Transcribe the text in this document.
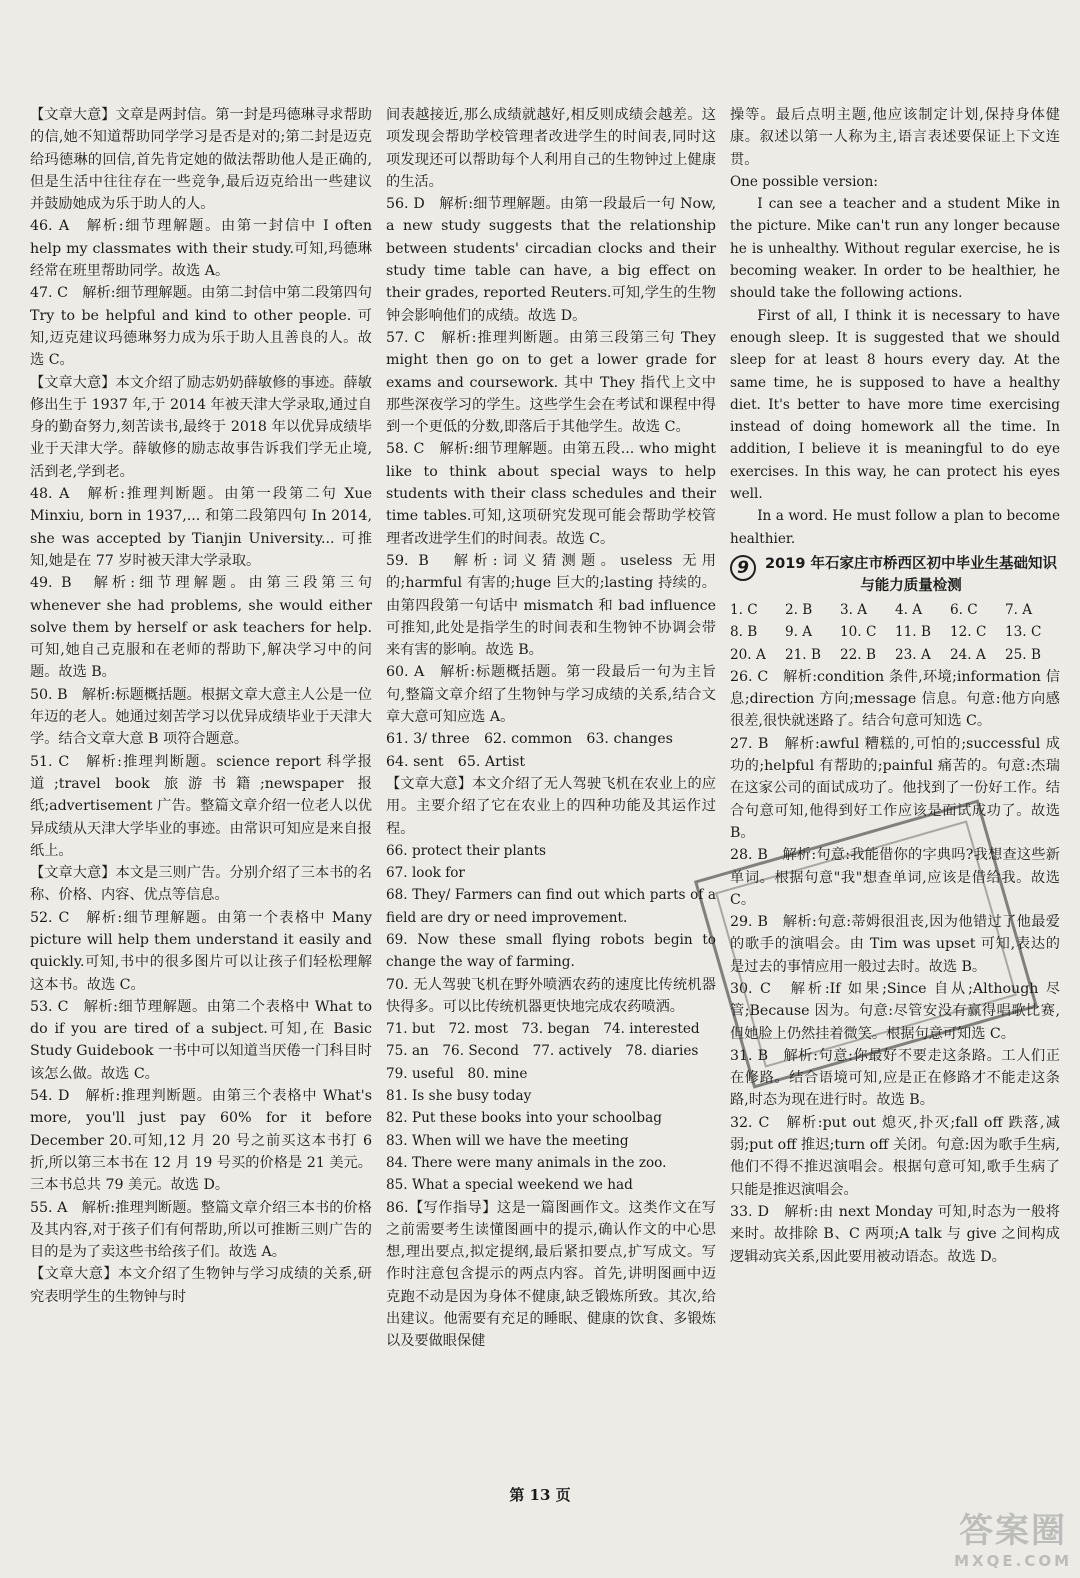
【文章大意】文章是两封信。第一封是玛德琳寻求帮助的信,她不知道帮助同学学习是否是对的;第二封是迈克给玛德琳的回信,首先肯定她的做法帮助他人是正确的,但是生活中往往存在一些竞争,最后迈克给出一些建议并鼓励她成为乐于助人的人。

46. A　解析:细节理解题。由第一封信中 I often help my classmates with their study.可知,玛德琳经常在班里帮助同学。故选 A。

47. C　解析:细节理解题。由第二封信中第二段第四句 Try to be helpful and kind to other people. 可知,迈克建议玛德琳努力成为乐于助人且善良的人。故选 C。

【文章大意】本文介绍了励志奶奶薛敏修的事迹。薛敏修出生于 1937 年,于 2014 年被天津大学录取,通过自身的勤奋努力,刻苦读书,最终于 2018 年以优异成绩毕业于天津大学。薛敏修的励志故事告诉我们学无止境,活到老,学到老。

48. A　解析:推理判断题。由第一段第二句 Xue Minxiu, born in 1937,... 和第二段第四句 In 2014, she was accepted by Tianjin University... 可推知,她是在 77 岁时被天津大学录取。

49. B　解析:细节理解题。由第三段第三句 whenever she had problems, she would either solve them by herself or ask teachers for help.可知,她自己克服和在老师的帮助下,解决学习中的问题。故选 B。

50. B　解析:标题概括题。根据文章大意主人公是一位年迈的老人。她通过刻苦学习以优异成绩毕业于天津大学。结合文章大意 B 项符合题意。

51. C　解析:推理判断题。science report 科学报道;travel book 旅游书籍;newspaper 报纸;advertisement 广告。整篇文章介绍一位老人以优异成绩从天津大学毕业的事迹。由常识可知应是来自报纸上。

【文章大意】本文是三则广告。分别介绍了三本书的名称、价格、内容、优点等信息。

52. C　解析:细节理解题。由第一个表格中 Many picture will help them understand it easily and quickly.可知,书中的很多图片可以让孩子们轻松理解这本书。故选 C。

53. C　解析:细节理解题。由第二个表格中 What to do if you are tired of a subject.可知,在 Basic Study Guidebook 一书中可以知道当厌倦一门科目时该怎么做。故选 C。

54. D　解析:推理判断题。由第三个表格中 What's more, you'll just pay 60% for it before December 20.可知,12 月 20 号之前买这本书打 6 折,所以第三本书在 12 月 19 号买的价格是 21 美元。三本书总共 79 美元。故选 D。

55. A　解析:推理判断题。整篇文章介绍三本书的价格及其内容,对于孩子们有何帮助,所以可推断三则广告的目的是为了卖这些书给孩子们。故选 A。

【文章大意】本文介绍了生物钟与学习成绩的关系,研究表明学生的生物钟与时

间表越接近,那么成绩就越好,相反则成绩会越差。这项发现会帮助学校管理者改进学生的时间表,同时这项发现还可以帮助每个人利用自己的生物钟过上健康的生活。

56. D　解析:细节理解题。由第一段最后一句 Now, a new study suggests that the relationship between students' circadian clocks and their study time table can have, a big effect on their grades, reported Reuters.可知,学生的生物钟会影响他们的成绩。故选 D。

57. C　解析:推理判断题。由第三段第三句 They might then go on to get a lower grade for exams and coursework. 其中 They 指代上文中那些深夜学习的学生。这些学生会在考试和课程中得到一个更低的分数,即落后于其他学生。故选 C。

58. C　解析:细节理解题。由第五段... who might like to think about special ways to help students with their class schedules and their time tables.可知,这项研究发现可能会帮助学校管理者改进学生们的时间表。故选 C。

59. B　解析:词义猜测题。useless 无用的;harmful 有害的;huge 巨大的;lasting 持续的。由第四段第一句话中 mismatch 和 bad influence 可推知,此处是指学生的时间表和生物钟不协调会带来有害的影响。故选 B。

60. A　解析:标题概括题。第一段最后一句为主旨句,整篇文章介绍了生物钟与学习成绩的关系,结合文章大意可知应选 A。

61. 3/ three　 62. common　 63. changes

64. sent　 65. Artist

【文章大意】本文介绍了无人驾驶飞机在农业上的应用。主要介绍了它在农业上的四种功能及其运作过程。

66. protect their plants

67. look for

68. They/ Farmers can find out which parts of a field are dry or need improvement.

69. Now these small flying robots begin to change the way of farming.

70. 无人驾驶飞机在野外喷洒农药的速度比传统机器快得多。可以比传统机器更快地完成农药喷洒。

71. but　 72. most　 73. began　 74. interested

75. an　 76. Second　 77. actively　 78. diaries

79. useful　 80. mine

81. Is she busy today

82. Put these books into your schoolbag

83. When will we have the meeting

84. There were many animals in the zoo.

85. What a special weekend we had

86.【写作指导】这是一篇图画作文。这类作文在写之前需要考生读懂图画中的提示,确认作文的中心思想,理出要点,拟定提纲,最后紧扣要点,扩写成文。写作时注意包含提示的两点内容。首先,讲明图画中迈克跑不动是因为身体不健康,缺乏锻炼所致。其次,给出建议。他需要有充足的睡眠、健康的饮食、多锻炼以及要做眼保健

操等。最后点明主题,他应该制定计划,保持身体健康。叙述以第一人称为主,语言表述要保证上下文连贯。

One possible version:

I can see a teacher and a student Mike in the picture. Mike can't run any longer because he is unhealthy. Without regular exercise, he is becoming weaker. In order to be healthier, he should take the following actions.

First of all, I think it is necessary to have enough sleep. It is suggested that we should sleep for at least 8 hours every day. At the same time, he is supposed to have a healthy diet. It's better to have more time exercising instead of doing homework all the time. In addition, I believe it is meaningful to do eye exercises. In this way, he can protect his eyes well.

In a word. He must follow a plan to become healthier.

9	2019 年石家庄市桥西区初中毕业生基础知识与能力质量检测
1. C	2. B	3. A	4. A	6. C	7. A
8. B	9. A	10. C	11. B	12. C	13. C
20. A	21. B	22. B	23. A	24. A	25. B

26. C　解析:condition 条件,环境;information 信息;direction 方向;message 信息。句意:他方向感很差,很快就迷路了。结合句意可知选 C。

27. B　解析:awful 糟糕的,可怕的;successful 成功的;helpful 有帮助的;painful 痛苦的。句意:杰瑞在这家公司的面试成功了。他找到了一份好工作。结合句意可知,他得到好工作应该是面试成功了。故选 B。

28. B　解析:句意:我能借你的字典吗?我想查这些新单词。根据句意"我"想查单词,应该是借给我。故选 C。

29. B　解析:句意:蒂姆很沮丧,因为他错过了他最爱的歌手的演唱会。由 Tim was upset 可知,表达的是过去的事情应用一般过去时。故选 B。

30. C　解析:If 如果;Since 自从;Although 尽管;Because 因为。句意:尽管安没有赢得唱歌比赛,但她脸上仍然挂着微笑。根据句意可知选 C。

31. B　解析:句意:你最好不要走这条路。工人们正在修路。结合语境可知,应是正在修路才不能走这条路,时态为现在进行时。故选 B。

32. C　解析:put out 熄灭,扑灭;fall off 跌落,减弱;put off 推迟;turn off 关闭。句意:因为歌手生病,他们不得不推迟演唱会。根据句意可知,歌手生病了只能是推迟演唱会。

33. D　解析:由 next Monday 可知,时态为一般将来时。故排除 B、C 两项;A talk 与 give 之间构成逻辑动宾关系,因此要用被动语态。故选 D。

第 13 页
答案圈
MXQE.COM
